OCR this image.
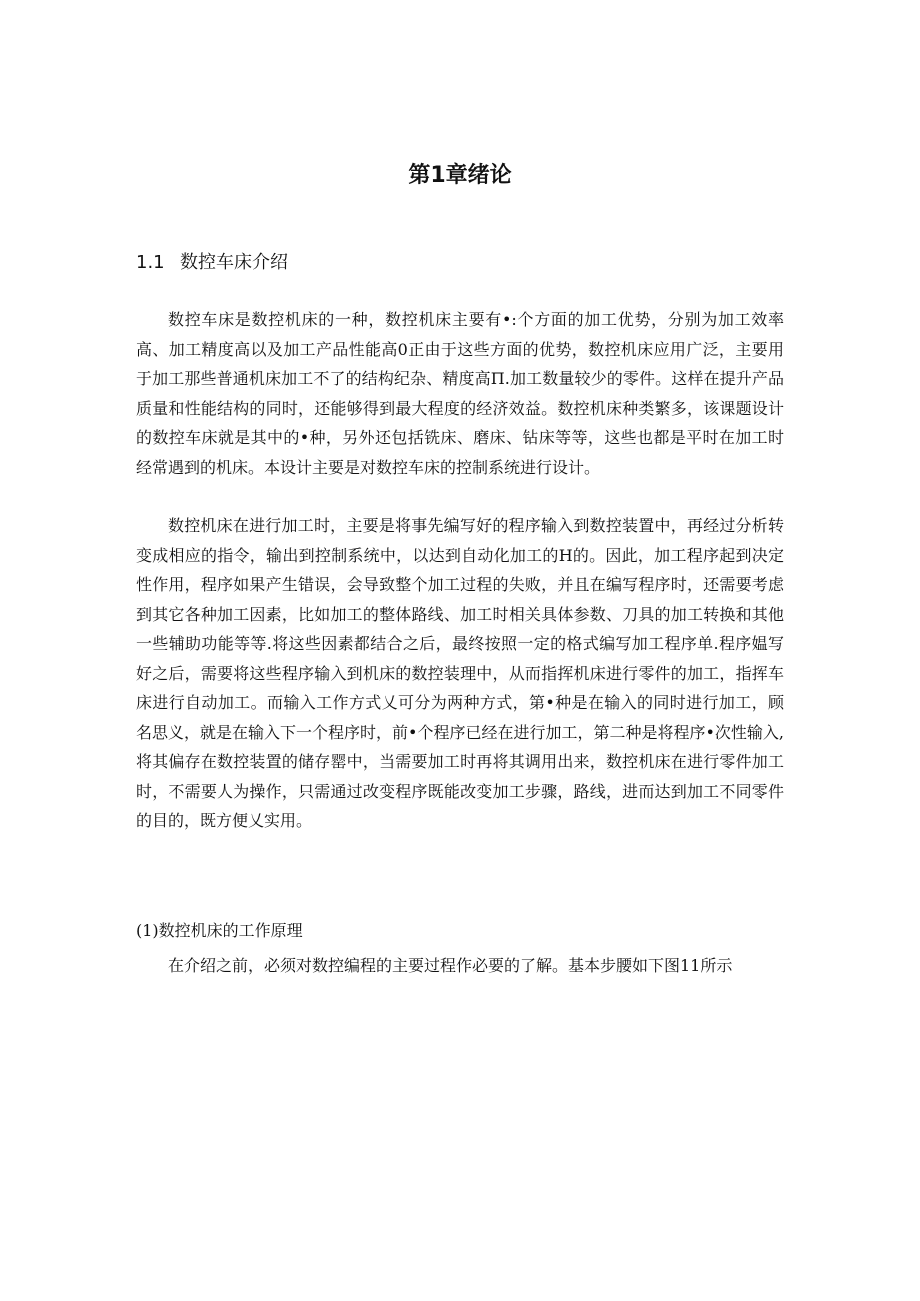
第1章绪论
1.1 数控车床介绍

数控车床是数控机床的一种，数控机床主要有•:个方面的加工优势，分别为加工效率高、加工精度高以及加工产品性能高0正由于这些方面的优势，数控机床应用广泛，主要用于加工那些普通机床加工不了的结构纪杂、精度高Π.加工数量较少的零件。这样在提升产品质量和性能结构的同时，还能够得到最大程度的经济效益。数控机床种类繁多，该课题设计的数控车床就是其中的•种，另外还包括铣床、磨床、钻床等等，这些也都是平时在加工时经常遇到的机床。本设计主要是对数控车床的控制系统进行设计。

数控机床在进行加工时，主要是将事先编写好的程序输入到数控装置中，再经过分析转变成相应的指令，输出到控制系统中，以达到自动化加工的H的。因此，加工程序起到决定性作用，程序如果产生错误，会导致整个加工过程的失败，并且在编写程序时，还需要考虑到其它各种加工因素，比如加工的整体路线、加工时相关具体参数、刀具的加工转换和其他一些辅助功能等等.将这些因素都结合之后，最终按照一定的格式编写加工程序单.程序媪写好之后，需要将这些程序输入到机床的数控装理中，从而指挥机床进行零件的加工，指挥车床进行自动加工。而输入工作方式乂可分为两种方式，第•种是在输入的同时进行加工，顾名思义，就是在输入下一个程序时，前•个程序已经在进行加工，第二种是将程序•次性输入,将其偏存在数控装置的储存罂中，当需要加工时再将其调用出来，数控机床在进行零件加工时，不需要人为操作，只需通过改变程序既能改变加工步骤，路线，进而达到加工不同零件的目的，既方便乂实用。

(1)数控机床的工作原理

在介绍之前，必须对数控编程的主要过程作必要的了解。基本步腰如下图11所示
